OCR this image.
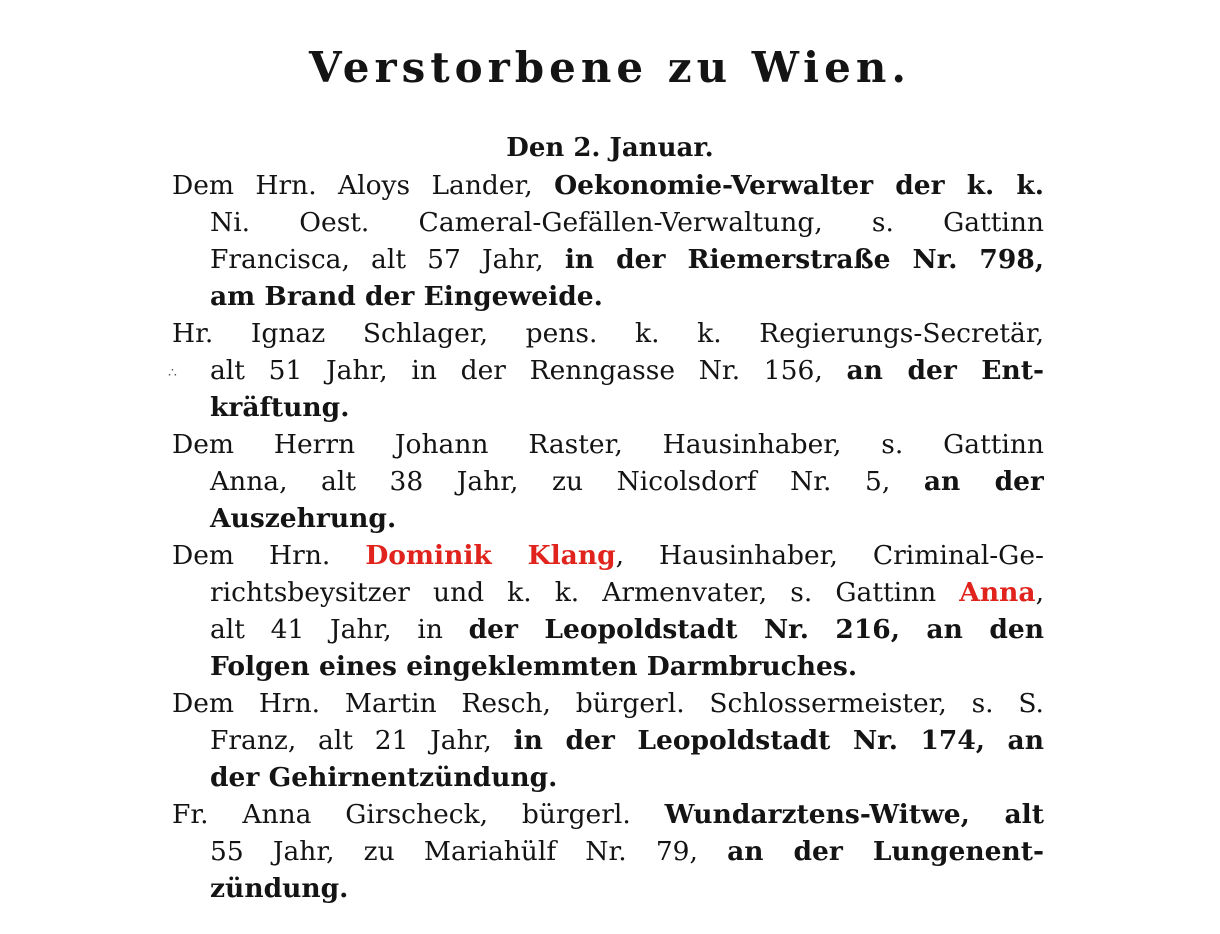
Verstorbene zu Wien.
Den 2. Januar.
∴
Dem Hrn. Aloys Lander, Oekonomie-Verwalter der k. k.
Ni. Oest. Cameral-Gefällen-Verwaltung, s. Gattinn
Francisca, alt 57 Jahr, in der Riemerstraße Nr. 798,
am Brand der Eingeweide.
Hr. Ignaz Schlager, pens. k. k. Regierungs-Secretär,
alt 51 Jahr, in der Renngasse Nr. 156, an der Ent-
kräftung.
Dem Herrn Johann Raster, Hausinhaber, s. Gattinn
Anna, alt 38 Jahr, zu Nicolsdorf Nr. 5, an der
Auszehrung.
Dem Hrn. Dominik Klang, Hausinhaber, Criminal-Ge-
richtsbeysitzer und k. k. Armenvater, s. Gattinn Anna,
alt 41 Jahr, in der Leopoldstadt Nr. 216, an den
Folgen eines eingeklemmten Darmbruches.
Dem Hrn. Martin Resch, bürgerl. Schlossermeister, s. S.
Franz, alt 21 Jahr, in der Leopoldstadt Nr. 174, an
der Gehirnentzündung.
Fr. Anna Girscheck, bürgerl. Wundarztens-Witwe, alt
55 Jahr, zu Mariahülf Nr. 79, an der Lungenent-
zündung.
